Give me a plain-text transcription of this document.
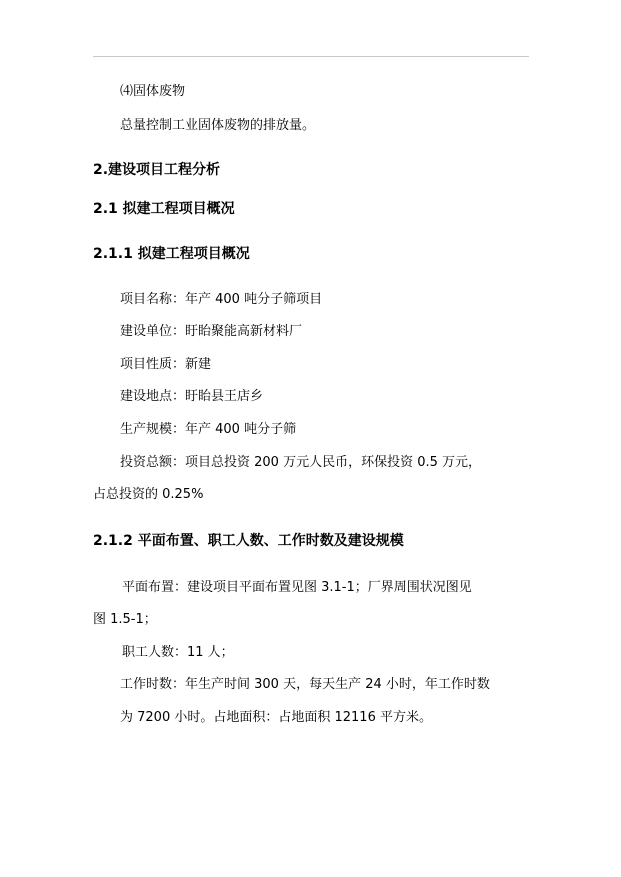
⑷固体废物
总量控制工业固体废物的排放量。
2.建设项目工程分析
2.1 拟建工程项目概况
2.1.1 拟建工程项目概况
项目名称：年产 400 吨分子筛项目
建设单位：盱眙聚能高新材料厂
项目性质：新建
建设地点：盱眙县王店乡
生产规模：年产 400 吨分子筛
投资总额：项目总投资 200 万元人民币，环保投资 0.5 万元，
占总投资的 0.25%
2.1.2 平面布置、职工人数、工作时数及建设规模
平面布置：建设项目平面布置见图 3.1-1；厂界周围状况图见
图 1.5-1；
职工人数：11 人；
工作时数：年生产时间 300 天，每天生产 24 小时，年工作时数
为 7200 小时。占地面积：占地面积 12116 平方米。
